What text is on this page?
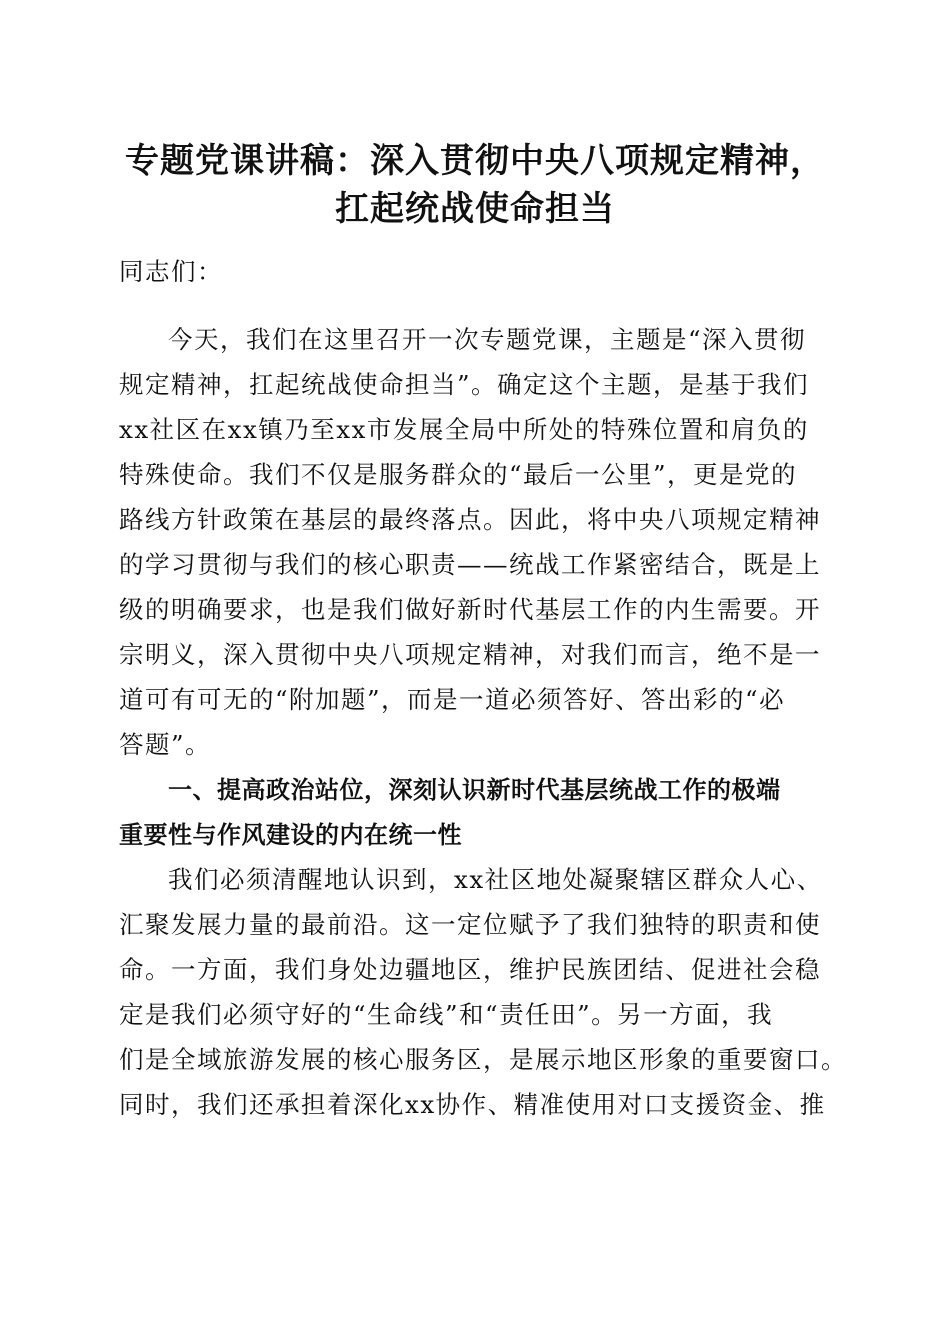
专题党课讲稿：深入贯彻中央八项规定精神，
扛起统战使命担当

同志们：

今天，我们在这里召开一次专题党课，主题是“深入贯彻

规定精神，扛起统战使命担当”。确定这个主题，是基于我们

xx社区在xx镇乃至xx市发展全局中所处的特殊位置和肩负的

特殊使命。我们不仅是服务群众的“最后一公里”，更是党的

路线方针政策在基层的最终落点。因此，将中央八项规定精神

的学习贯彻与我们的核心职责——统战工作紧密结合，既是上

级的明确要求，也是我们做好新时代基层工作的内生需要。开

宗明义，深入贯彻中央八项规定精神，对我们而言，绝不是一

道可有可无的“附加题”，而是一道必须答好、答出彩的“必

答题”。

一、提高政治站位，深刻认识新时代基层统战工作的极端

重要性与作风建设的内在统一性

我们必须清醒地认识到，xx社区地处凝聚辖区群众人心、

汇聚发展力量的最前沿。这一定位赋予了我们独特的职责和使

命。一方面，我们身处边疆地区，维护民族团结、促进社会稳

定是我们必须守好的“生命线”和“责任田”。另一方面，我

们是全域旅游发展的核心服务区，是展示地区形象的重要窗口。

同时，我们还承担着深化xx协作、精准使用对口支援资金、推
